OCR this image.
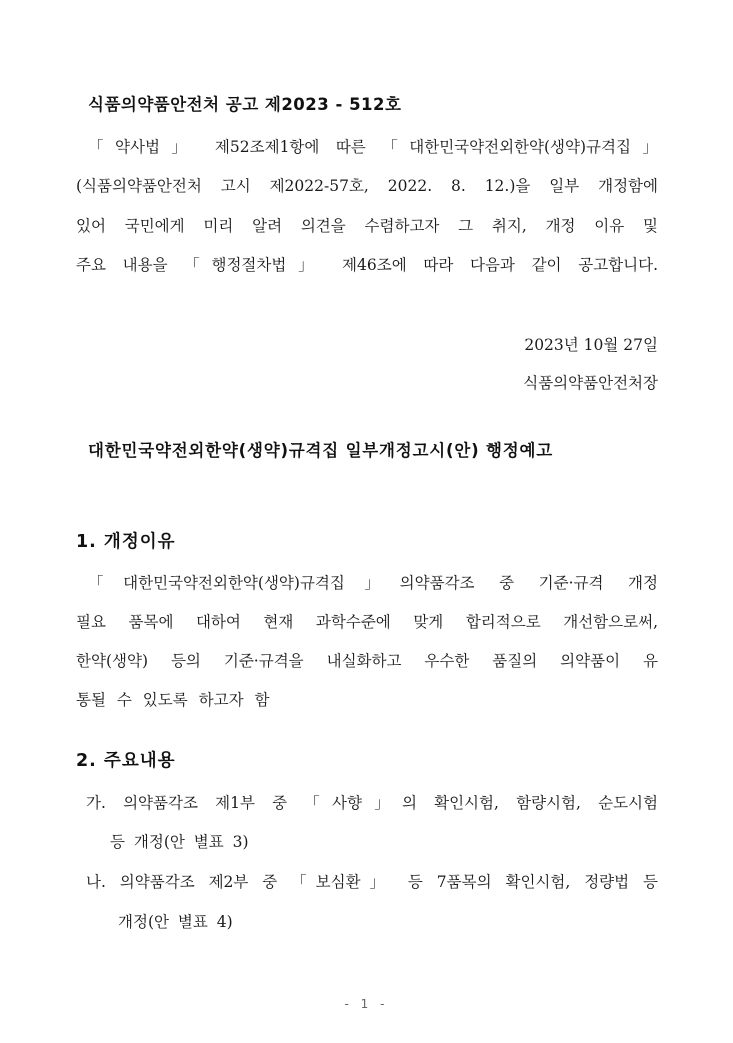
식품의약품안전처 공고 제2023 - 512호
「약사법」 제52조제1항에 따른 「대한민국약전외한약(생약)규격집」
(식품의약품안전처 고시 제2022-57호, 2022. 8. 12.)을 일부 개정함에
있어 국민에게 미리 알려 의견을 수렴하고자 그 취지, 개정 이유 및
주요 내용을 「행정절차법」 제46조에 따라 다음과 같이 공고합니다.
2023년 10월 27일
식품의약품안전처장
대한민국약전외한약(생약)규격집 일부개정고시(안) 행정예고
1. 개정이유
「대한민국약전외한약(생약)규격집」의약품각조 중 기준·규격 개정
필요 품목에 대하여 현재 과학수준에 맞게 합리적으로 개선함으로써,
한약(생약) 등의 기준·규격을 내실화하고 우수한 품질의 의약품이 유
통될 수 있도록 하고자 함
2. 주요내용
가. 의약품각조 제1부 중 「사향」의 확인시험, 함량시험, 순도시험
등 개정(안 별표 3)
나. 의약품각조 제2부 중 「보심환」 등 7품목의 확인시험, 정량법 등
개정(안 별표 4)
- 1 -
